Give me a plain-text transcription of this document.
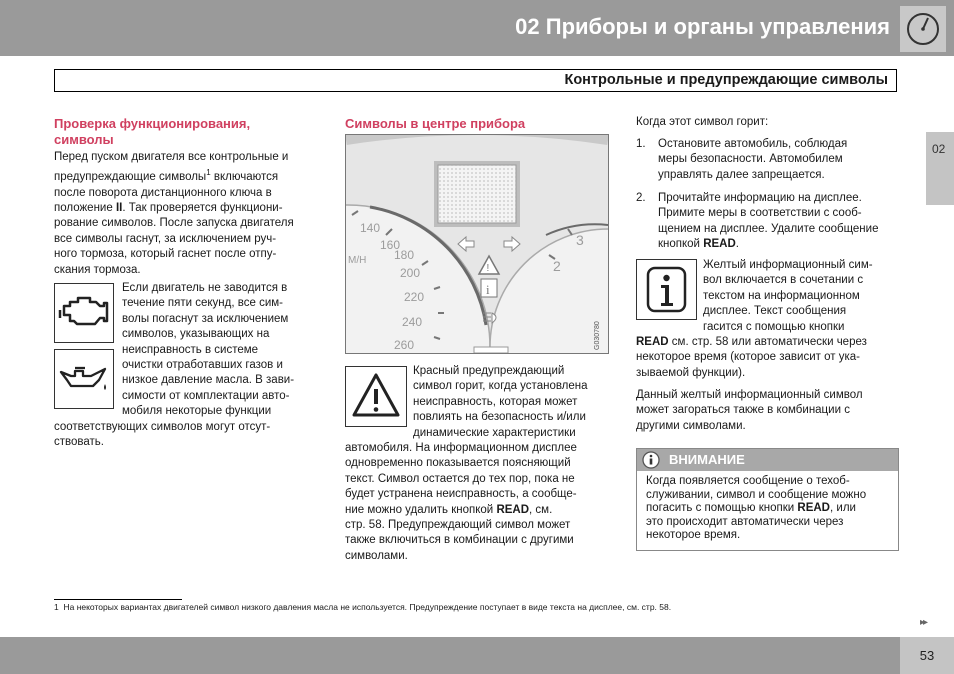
02 Приборы и органы управления
Контрольные и предупреждающие символы
02
Проверка функционирования,
символы
Перед пуском двигателя все контрольные и
предупреждающие символы$^1$ включаются
после поворота дистанционного ключа в
положение II. Так проверяется функциони-
рование символов. После запуска двигателя
все символы гаснут, за исключением руч-
ного тормоза, который гаснет после отпу-
скания тормоза.
Если двигатель не заводится в
течение пяти секунд, все сим-
волы погаснут за исключением
символов, указывающих на
неисправность в системе
очистки отработавших газов и
низкое давление масла. В зави-
симости от комплектации авто-
мобиля некоторые функции
соответствующих символов могут отсут-
ствовать.
Символы в центре прибора
140
160
180
200
220
240
260
3
2
M/H
!
i
G030780
Красный предупреждающий
символ горит, когда установлена
неисправность, которая может
повлиять на безопасность и/или
динамические характеристики
автомобиля. На информационном дисплее
одновременно показывается поясняющий
текст. Символ остается до тех пор, пока не
будет устранена неисправность, а сообще-
ние можно удалить кнопкой READ, см.
стр. 58. Предупреждающий символ может
также включиться в комбинации с другими
символами.
Когда этот символ горит:
1. Остановите автомобиль, соблюдая
меры безопасности. Автомобилем
управлять далее запрещается.
2. Прочитайте информацию на дисплее.
Примите меры в соответствии с сооб-
щением на дисплее. Удалите сообщение
кнопкой READ.
Желтый информационный сим-
вол включается в сочетании с
текстом на информационном
дисплее. Текст сообщения
гасится с помощью кнопки
READ см. стр. 58 или автоматически через
некоторое время (которое зависит от ука-
зываемой функции).
Данный желтый информационный символ
может загораться также в комбинации с
другими символами.
ВНИМАНИЕ
Когда появляется сообщение о техоб-
служивании, символ и сообщение можно
погасить с помощью кнопки READ, или
это происходит автоматически через
некоторое время.
1 На некоторых вариантах двигателей символ низкого давления масла не используется. Предупреждение поступает в виде текста на дисплее, см. стр. 58.
▸▸
53
